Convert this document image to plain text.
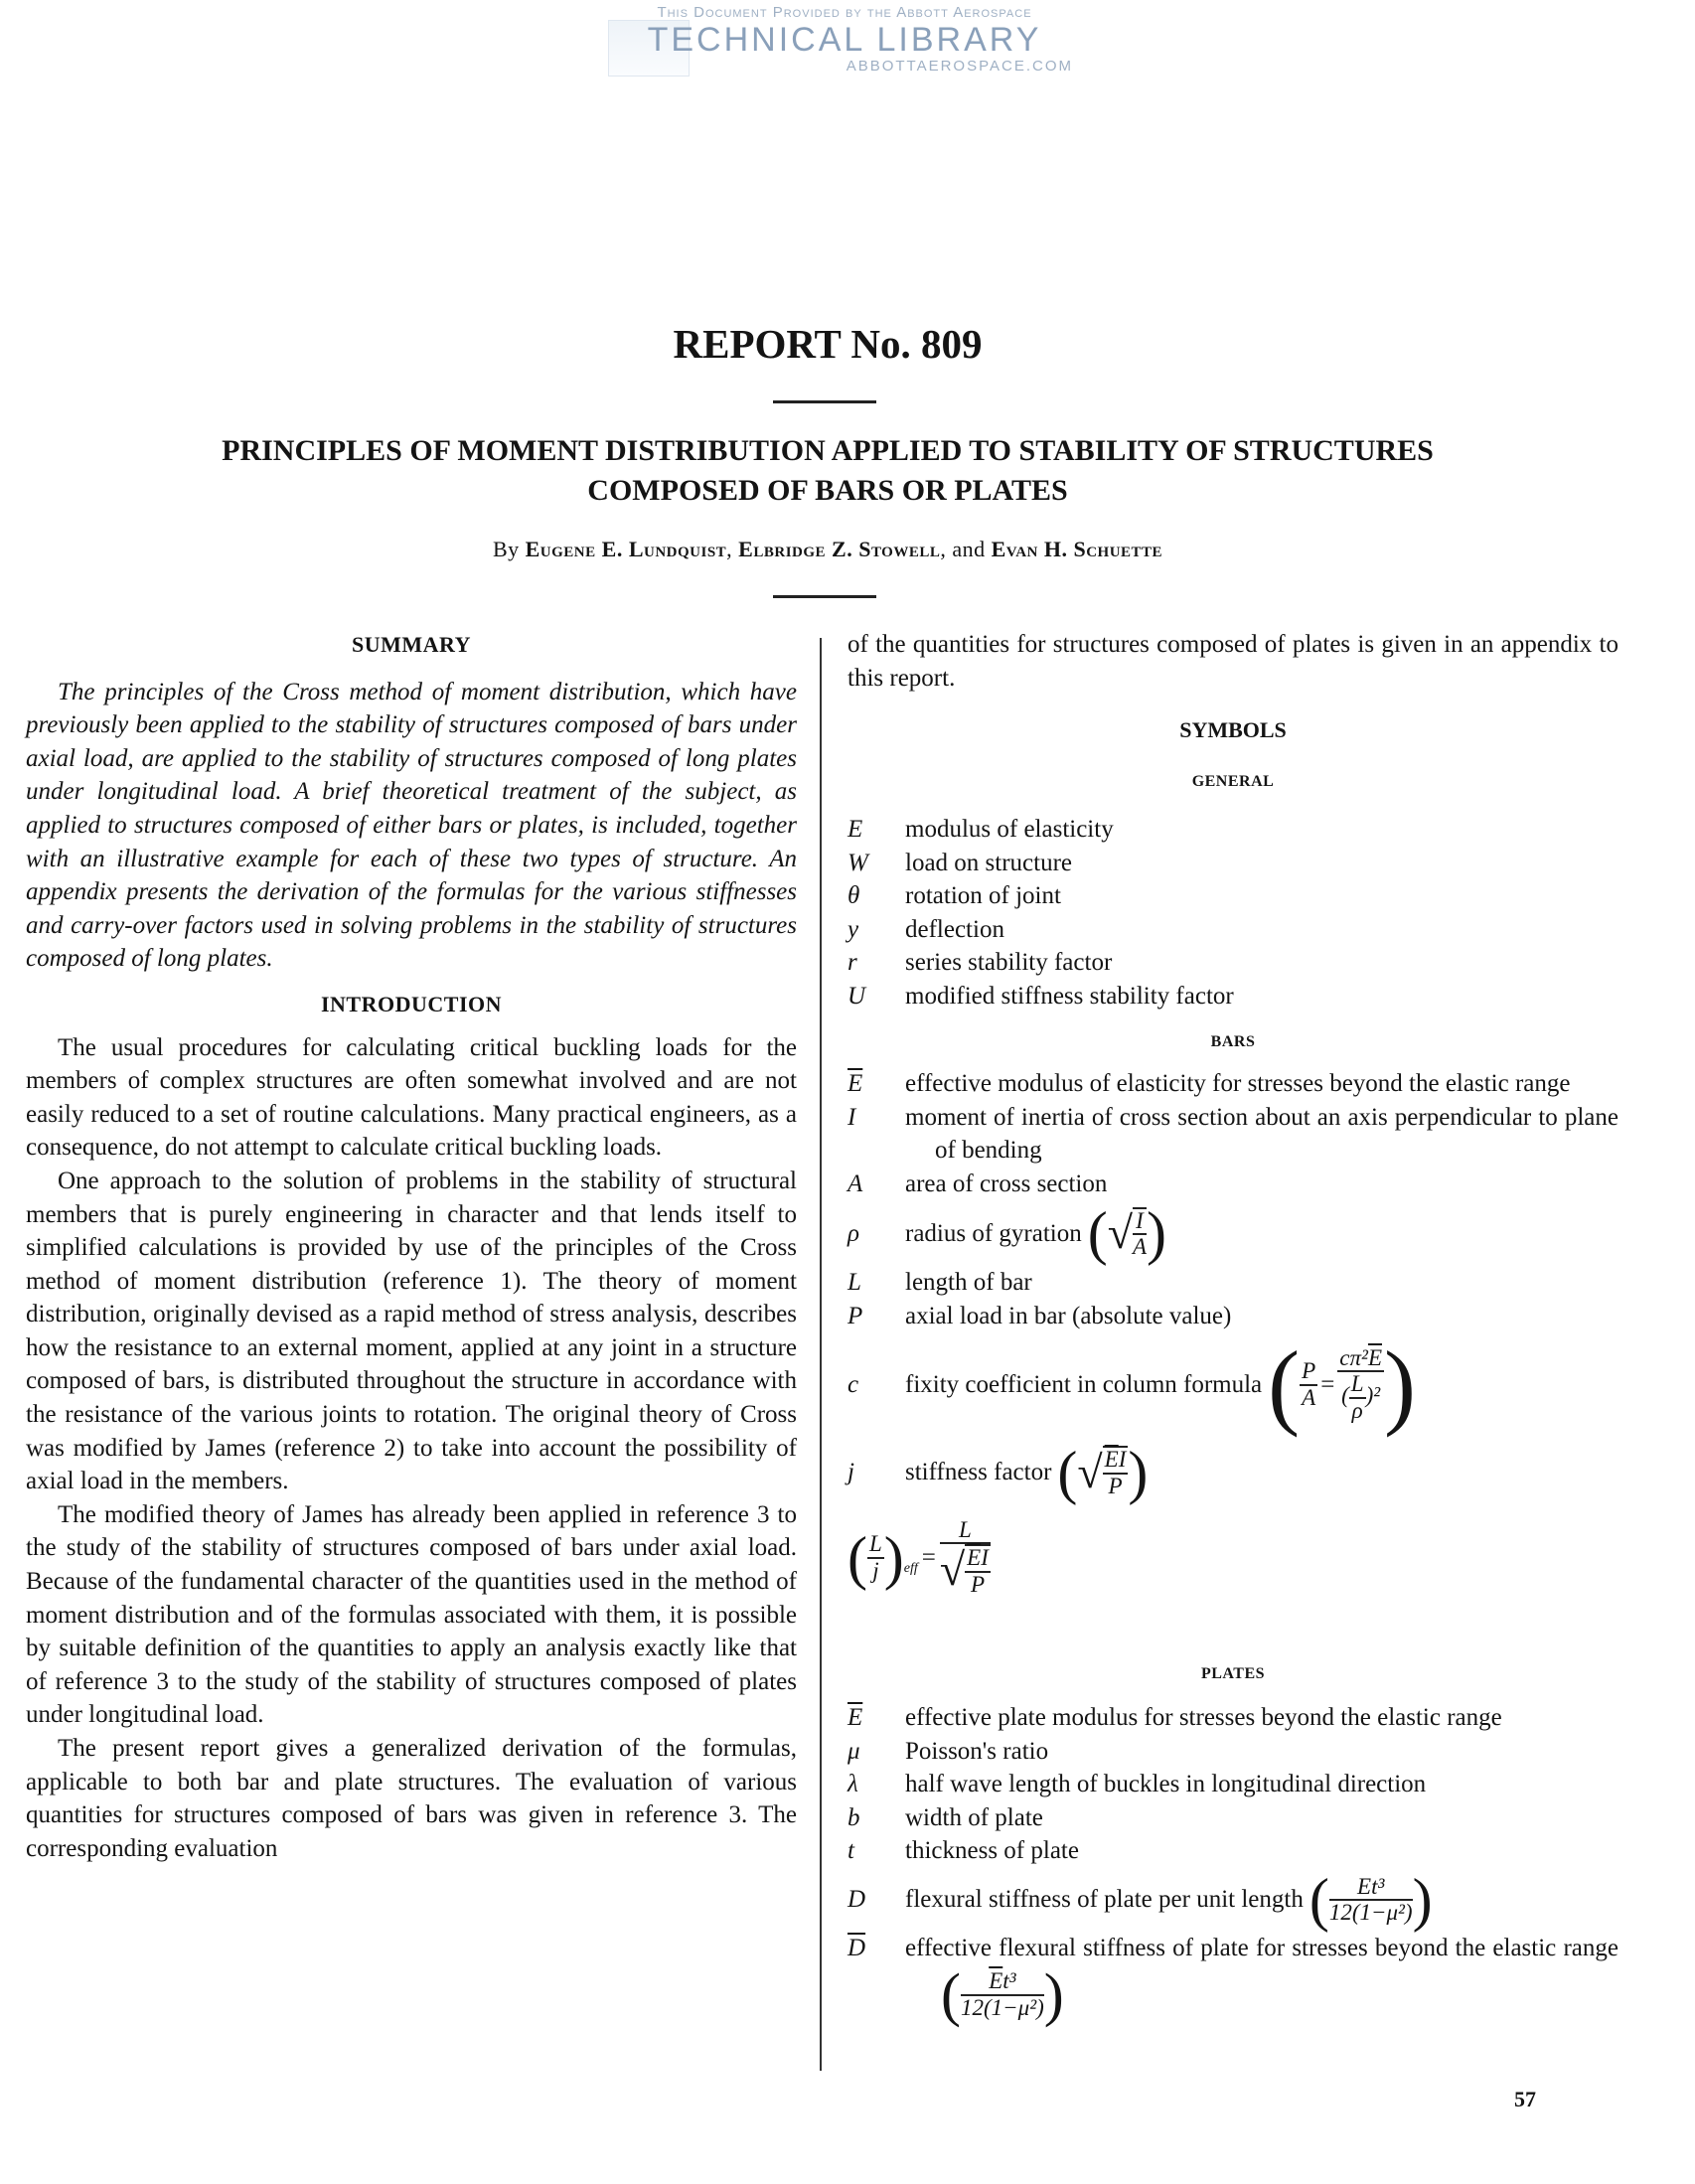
This Document Provided by the Abbott Aerospace
TECHNICAL LIBRARY
ABBOTTAEROSPACE.COM
REPORT No. 809
PRINCIPLES OF MOMENT DISTRIBUTION APPLIED TO STABILITY OF STRUCTURES
COMPOSED OF BARS OR PLATES
By Eugene E. Lundquist, Elbridge Z. Stowell, and Evan H. Schuette
SUMMARY

The principles of the Cross method of moment distribution, which have previously been applied to the stability of structures composed of bars under axial load, are applied to the stability of structures composed of long plates under longitudinal load. A brief theoretical treatment of the subject, as applied to structures composed of either bars or plates, is included, together with an illustrative example for each of these two types of structure. An appendix presents the derivation of the formulas for the various stiffnesses and carry-over factors used in solving problems in the stability of structures composed of long plates.

INTRODUCTION

The usual procedures for calculating critical buckling loads for the members of complex structures are often somewhat involved and are not easily reduced to a set of routine calculations. Many practical engineers, as a consequence, do not attempt to calculate critical buckling loads.

One approach to the solution of problems in the stability of structural members that is purely engineering in character and that lends itself to simplified calculations is provided by use of the principles of the Cross method of moment distribution (reference 1). The theory of moment distribution, originally devised as a rapid method of stress analysis, describes how the resistance to an external moment, applied at any joint in a structure composed of bars, is distributed throughout the structure in accordance with the resistance of the various joints to rotation. The original theory of Cross was modified by James (reference 2) to take into account the possibility of axial load in the members.

The modified theory of James has already been applied in reference 3 to the study of the stability of structures composed of bars under axial load. Because of the fundamental character of the quantities used in the method of moment distribution and of the formulas associated with them, it is possible by suitable definition of the quantities to apply an analysis exactly like that of reference 3 to the study of the stability of structures composed of plates under longitudinal load.

The present report gives a generalized derivation of the formulas, applicable to both bar and plate structures. The evaluation of various quantities for structures composed of bars was given in reference 3. The corresponding evaluation

of the quantities for structures composed of plates is given in an appendix to this report.
SYMBOLS
GENERAL
E	modulus of elasticity
W	load on structure
θ	rotation of joint
y	deflection
r	series stability factor
U	modified stiffness stability factor
BARS
$\overline{E}$	effective modulus of elasticity for stresses beyond the elastic range
I	moment of inertia of cross section about an axis perpendicular to plane of bending
A	area of cross section
ρ	radius of gyration (√ $\frac{I}{A}$ )
L	length of bar
P	axial load in bar (absolute value)
c	fixity coefficient in column formula ( $\frac{P}{A} = \frac{c\pi^2\overline{E}}{( \frac{L}{\rho} )^2}$ )
j	stiffness factor (√ $\frac{EI}{P}$ )
( $\frac{L}{j} )_{eff} = \frac{L}{√ \frac{EI}{P}}$
PLATES
$\overline{E}$	effective plate modulus for stresses beyond the elastic range
μ	Poisson's ratio
λ	half wave length of buckles in longitudinal direction
b	width of plate
t	thickness of plate
D	flexural stiffness of plate per unit length ( $\frac{\text{Et³}}{\text{12(1−μ²)}}$ )
$\overline{D}$	effective flexural stiffness of plate for stresses beyond the elastic range ( $\frac{\overline{E}t^3}{\text{12(1−μ²)}}$ )
57
